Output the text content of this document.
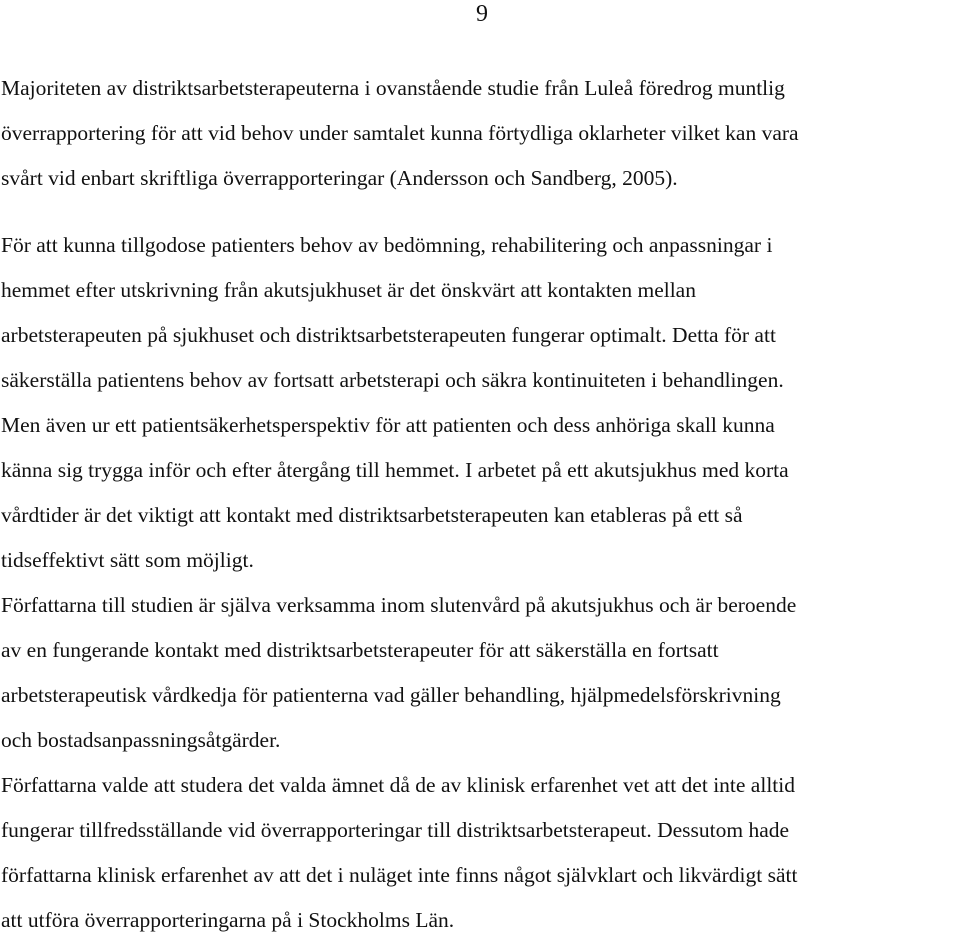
9
Majoriteten av distriktsarbetsterapeuterna i ovanstående studie från Luleå föredrog muntlig
överrapportering för att vid behov under samtalet kunna förtydliga oklarheter vilket kan vara
svårt vid enbart skriftliga överrapporteringar (Andersson och Sandberg, 2005).
För att kunna tillgodose patienters behov av bedömning, rehabilitering och anpassningar i
hemmet efter utskrivning från akutsjukhuset är det önskvärt att kontakten mellan
arbetsterapeuten på sjukhuset och distriktsarbetsterapeuten fungerar optimalt. Detta för att
säkerställa patientens behov av fortsatt arbetsterapi och säkra kontinuiteten i behandlingen.
Men även ur ett patientsäkerhetsperspektiv för att patienten och dess anhöriga skall kunna
känna sig trygga inför och efter återgång till hemmet. I arbetet på ett akutsjukhus med korta
vårdtider är det viktigt att kontakt med distriktsarbetsterapeuten kan etableras på ett så
tidseffektivt sätt som möjligt.
Författarna till studien är själva verksamma inom slutenvård på akutsjukhus och är beroende
av en fungerande kontakt med distriktsarbetsterapeuter för att säkerställa en fortsatt
arbetsterapeutisk vårdkedja för patienterna vad gäller behandling, hjälpmedelsförskrivning
och bostadsanpassningsåtgärder.
Författarna valde att studera det valda ämnet då de av klinisk erfarenhet vet att det inte alltid
fungerar tillfredsställande vid överrapporteringar till distriktsarbetsterapeut. Dessutom hade
författarna klinisk erfarenhet av att det i nuläget inte finns något självklart och likvärdigt sätt
att utföra överrapporteringarna på i Stockholms Län.
